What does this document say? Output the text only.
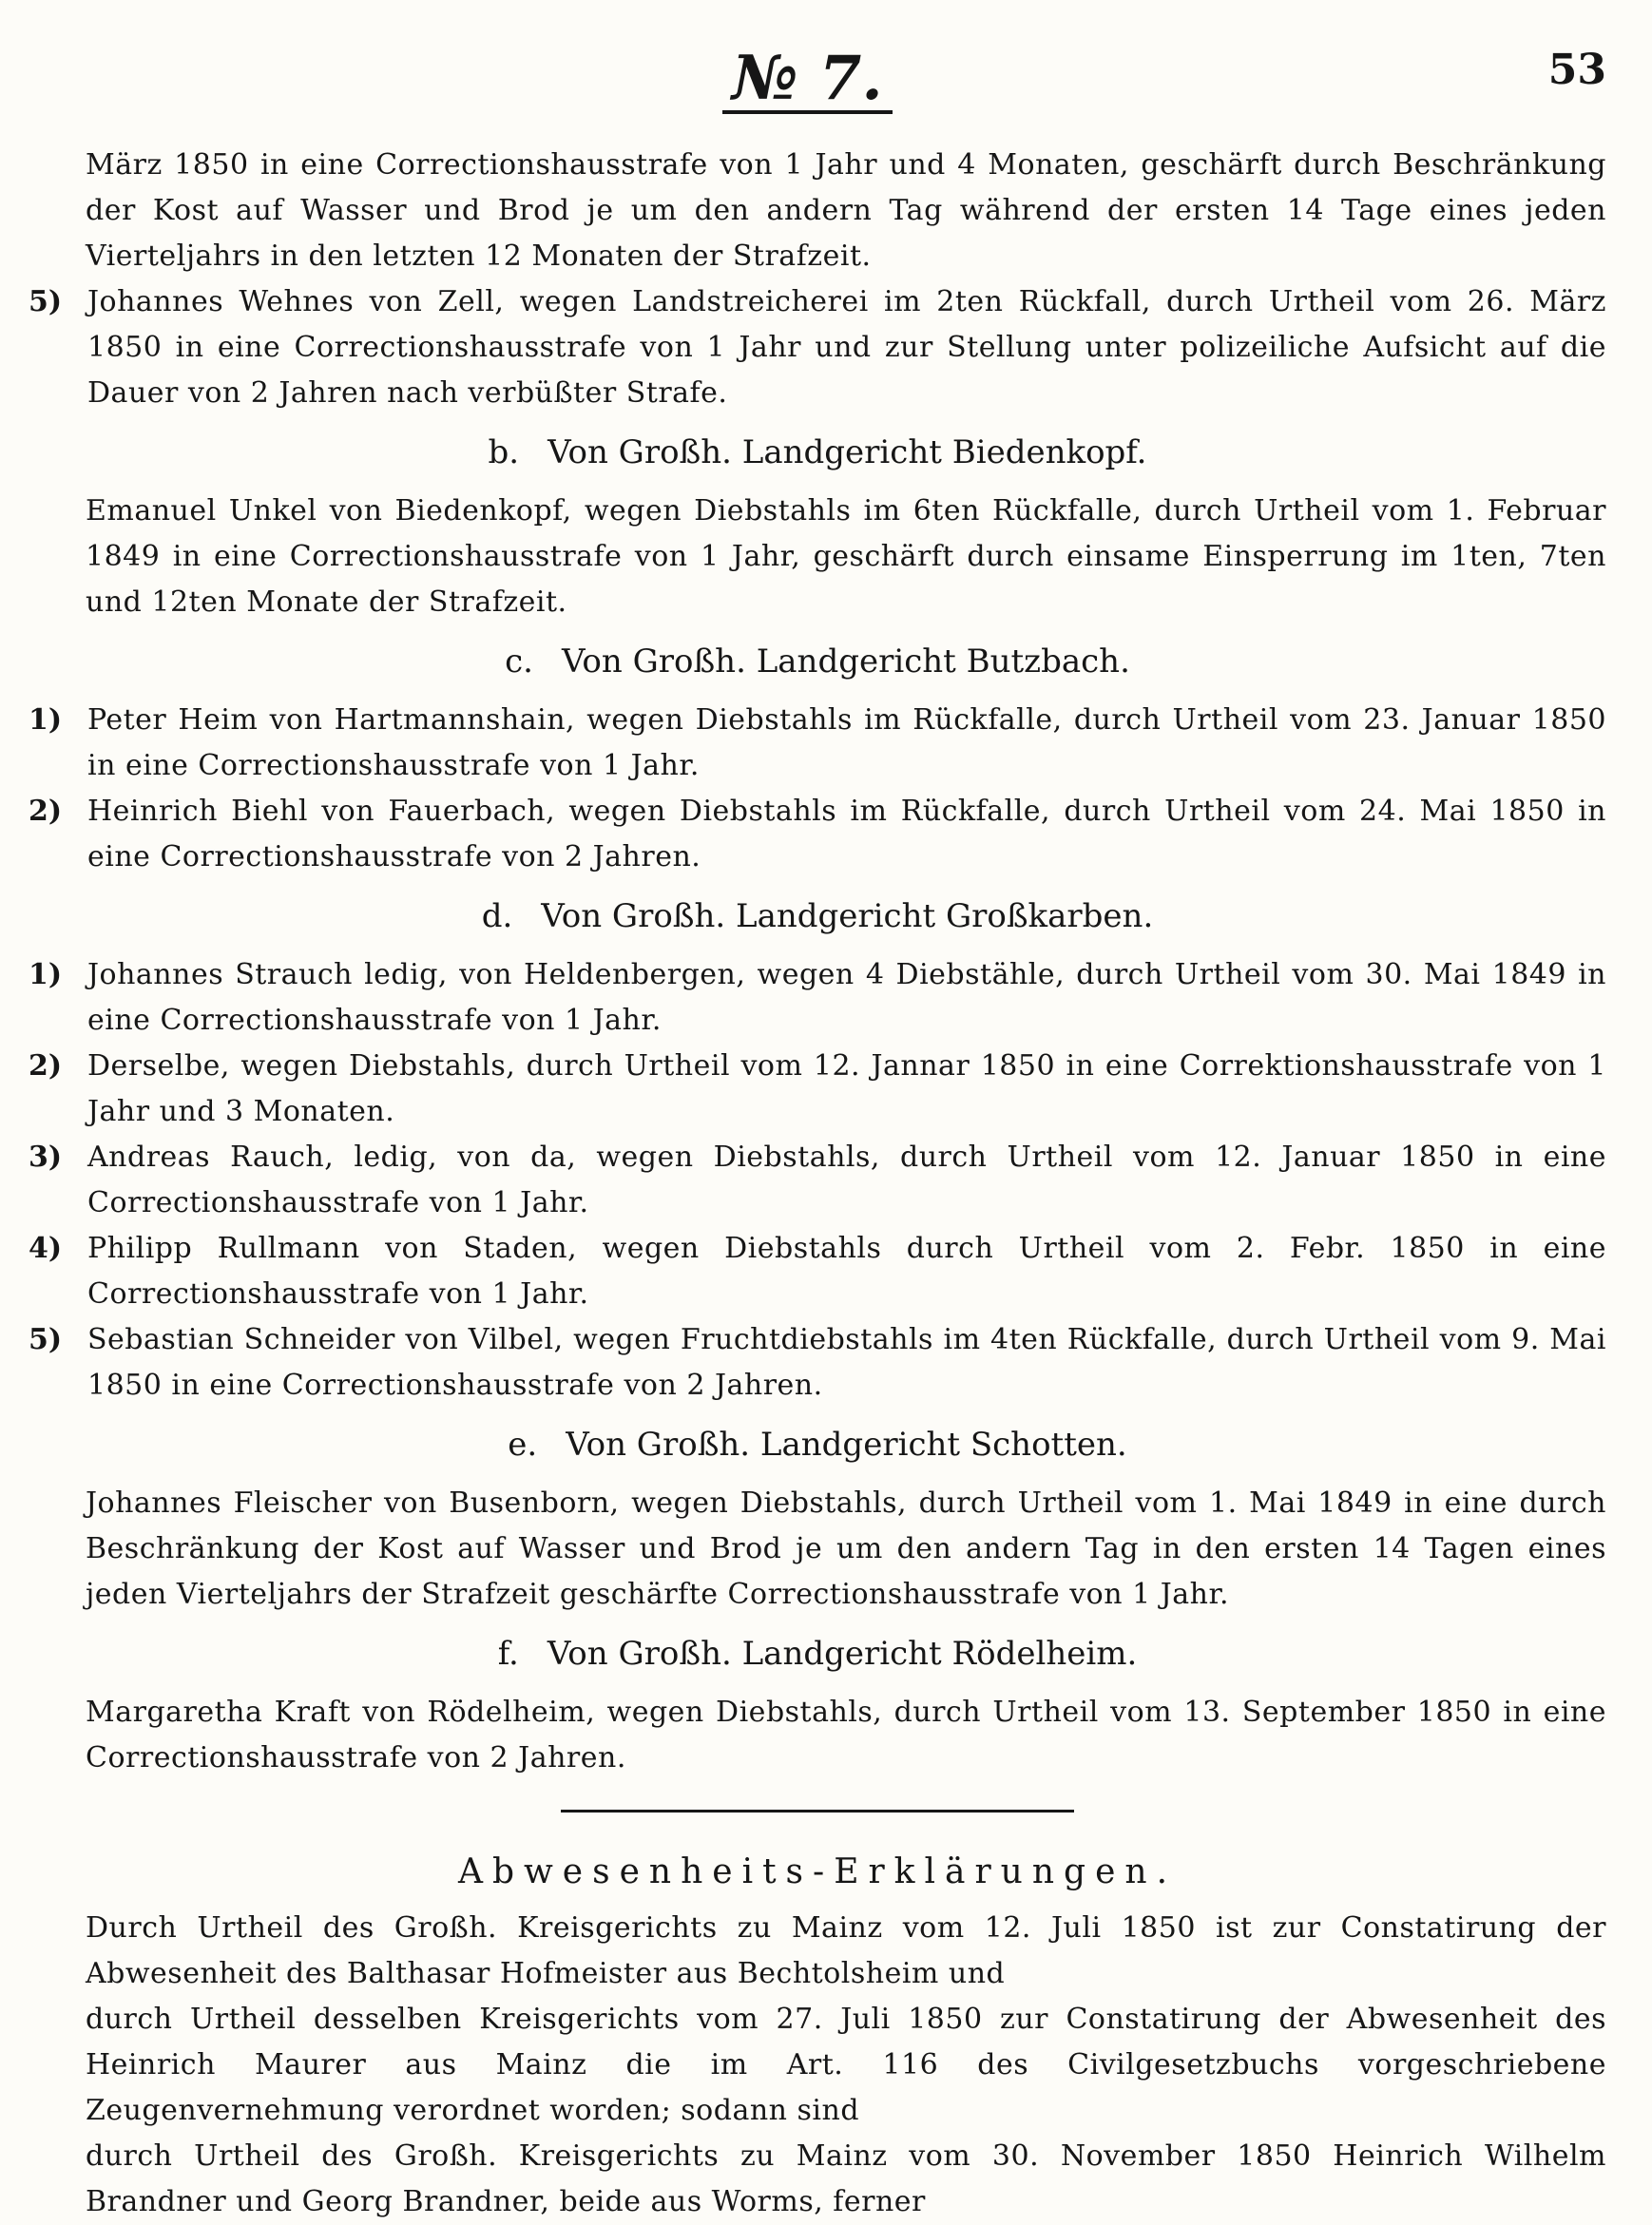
№ 7.	53

März 1850 in eine Correctionshausstrafe von 1 Jahr und 4 Monaten, geschärft durch Beschränkung der Kost auf Wasser und Brod je um den andern Tag während der ersten 14 Tage eines jeden Vierteljahrs in den letzten 12 Monaten der Strafzeit.

5) Johannes Wehnes von Zell, wegen Landstreicherei im 2ten Rückfall, durch Urtheil vom 26. März 1850 in eine Correctionshausstrafe von 1 Jahr und zur Stellung unter polizeiliche Aufsicht auf die Dauer von 2 Jahren nach verbüßter Strafe.

b. Von Großh. Landgericht Biedenkopf.

Emanuel Unkel von Biedenkopf, wegen Diebstahls im 6ten Rückfalle, durch Urtheil vom 1. Februar 1849 in eine Correctionshausstrafe von 1 Jahr, geschärft durch einsame Einsperrung im 1ten, 7ten und 12ten Monate der Strafzeit.

c. Von Großh. Landgericht Butzbach.
1) Peter Heim von Hartmannshain, wegen Diebstahls im Rückfalle, durch Urtheil vom 23. Januar 1850 in eine Correctionshausstrafe von 1 Jahr.

2) Heinrich Biehl von Fauerbach, wegen Diebstahls im Rückfalle, durch Urtheil vom 24. Mai 1850 in eine Correctionshausstrafe von 2 Jahren.

d. Von Großh. Landgericht Großkarben.
1) Johannes Strauch ledig, von Heldenbergen, wegen 4 Diebstähle, durch Urtheil vom 30. Mai 1849 in eine Correctionshausstrafe von 1 Jahr.

2) Derselbe, wegen Diebstahls, durch Urtheil vom 12. Jannar 1850 in eine Correktionshausstrafe von 1 Jahr und 3 Monaten.

3) Andreas Rauch, ledig, von da, wegen Diebstahls, durch Urtheil vom 12. Januar 1850 in eine Correctionshausstrafe von 1 Jahr.

4) Philipp Rullmann von Staden, wegen Diebstahls durch Urtheil vom 2. Febr. 1850 in eine Correctionshausstrafe von 1 Jahr.

5) Sebastian Schneider von Vilbel, wegen Fruchtdiebstahls im 4ten Rückfalle, durch Urtheil vom 9. Mai 1850 in eine Correctionshausstrafe von 2 Jahren.

e. Von Großh. Landgericht Schotten.

Johannes Fleischer von Busenborn, wegen Diebstahls, durch Urtheil vom 1. Mai 1849 in eine durch Beschränkung der Kost auf Wasser und Brod je um den andern Tag in den ersten 14 Tagen eines jeden Vierteljahrs der Strafzeit geschärfte Correctionshausstrafe von 1 Jahr.

f. Von Großh. Landgericht Rödelheim.

Margaretha Kraft von Rödelheim, wegen Diebstahls, durch Urtheil vom 13. September 1850 in eine Correctionshausstrafe von 2 Jahren.

Abwesenheits-Erklärungen.

Durch Urtheil des Großh. Kreisgerichts zu Mainz vom 12. Juli 1850 ist zur Constatirung der Abwesenheit des Balthasar Hofmeister aus Bechtolsheim und

durch Urtheil desselben Kreisgerichts vom 27. Juli 1850 zur Constatirung der Abwesenheit des Heinrich Maurer aus Mainz die im Art. 116 des Civilgesetzbuchs vorgeschriebene Zeugenvernehmung verordnet worden; sodann sind

durch Urtheil des Großh. Kreisgerichts zu Mainz vom 30. November 1850 Heinrich Wilhelm Brandner und Georg Brandner, beide aus Worms, ferner
